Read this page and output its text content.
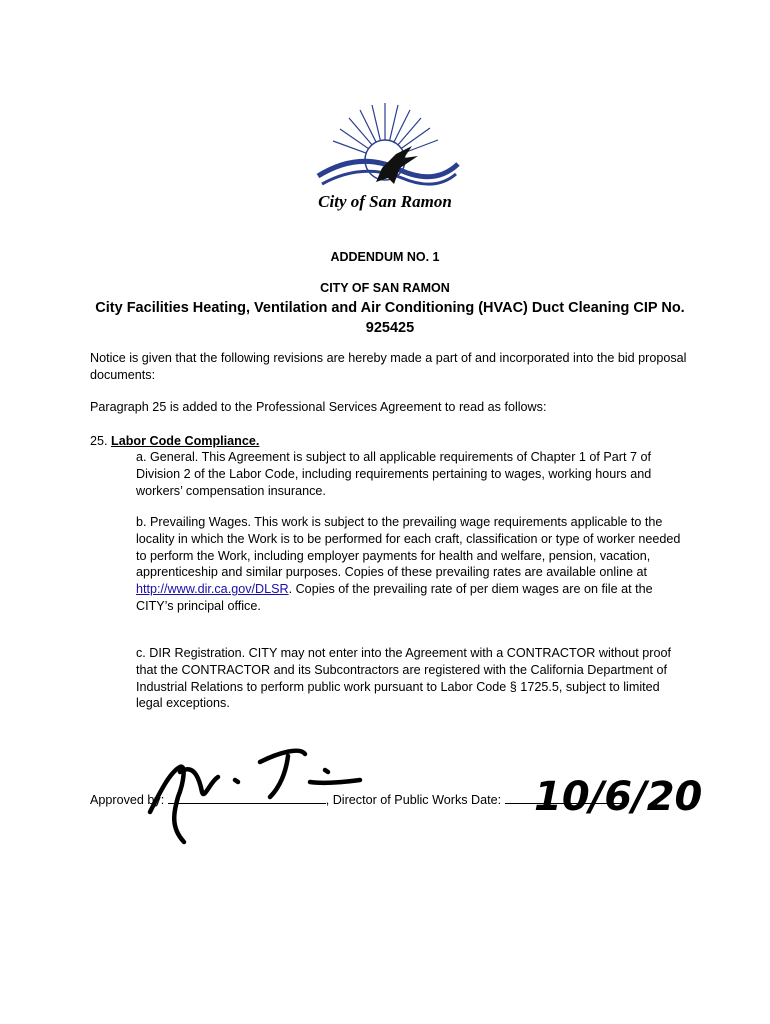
City of San Ramon
ADDENDUM NO. 1
CITY OF SAN RAMON
City Facilities Heating, Ventilation and Air Conditioning (HVAC) Duct Cleaning CIP No. 925425
Notice is given that the following revisions are hereby made a part of and incorporated into the bid proposal documents:
Paragraph 25 is added to the Professional Services Agreement to read as follows:
25. Labor Code Compliance.
a. General. This Agreement is subject to all applicable requirements of Chapter 1 of Part 7 of Division 2 of the Labor Code, including requirements pertaining to wages, working hours and workers’ compensation insurance.
b. Prevailing Wages. This work is subject to the prevailing wage requirements applicable to the locality in which the Work is to be performed for each craft, classification or type of worker needed to perform the Work, including employer payments for health and welfare, pension, vacation, apprenticeship and similar purposes. Copies of these prevailing rates are available online at http://www.dir.ca.gov/DLSR. Copies of the prevailing rate of per diem wages are on file at the CITY’s principal office.
c. DIR Registration. CITY may not enter into the Agreement with a CONTRACTOR without proof that the CONTRACTOR and its Subcontractors are registered with the California Department of Industrial Relations to perform public work pursuant to Labor Code § 1725.5, subject to limited legal exceptions.
Approved by:	, Director of Public Works Date: 10/6/20
